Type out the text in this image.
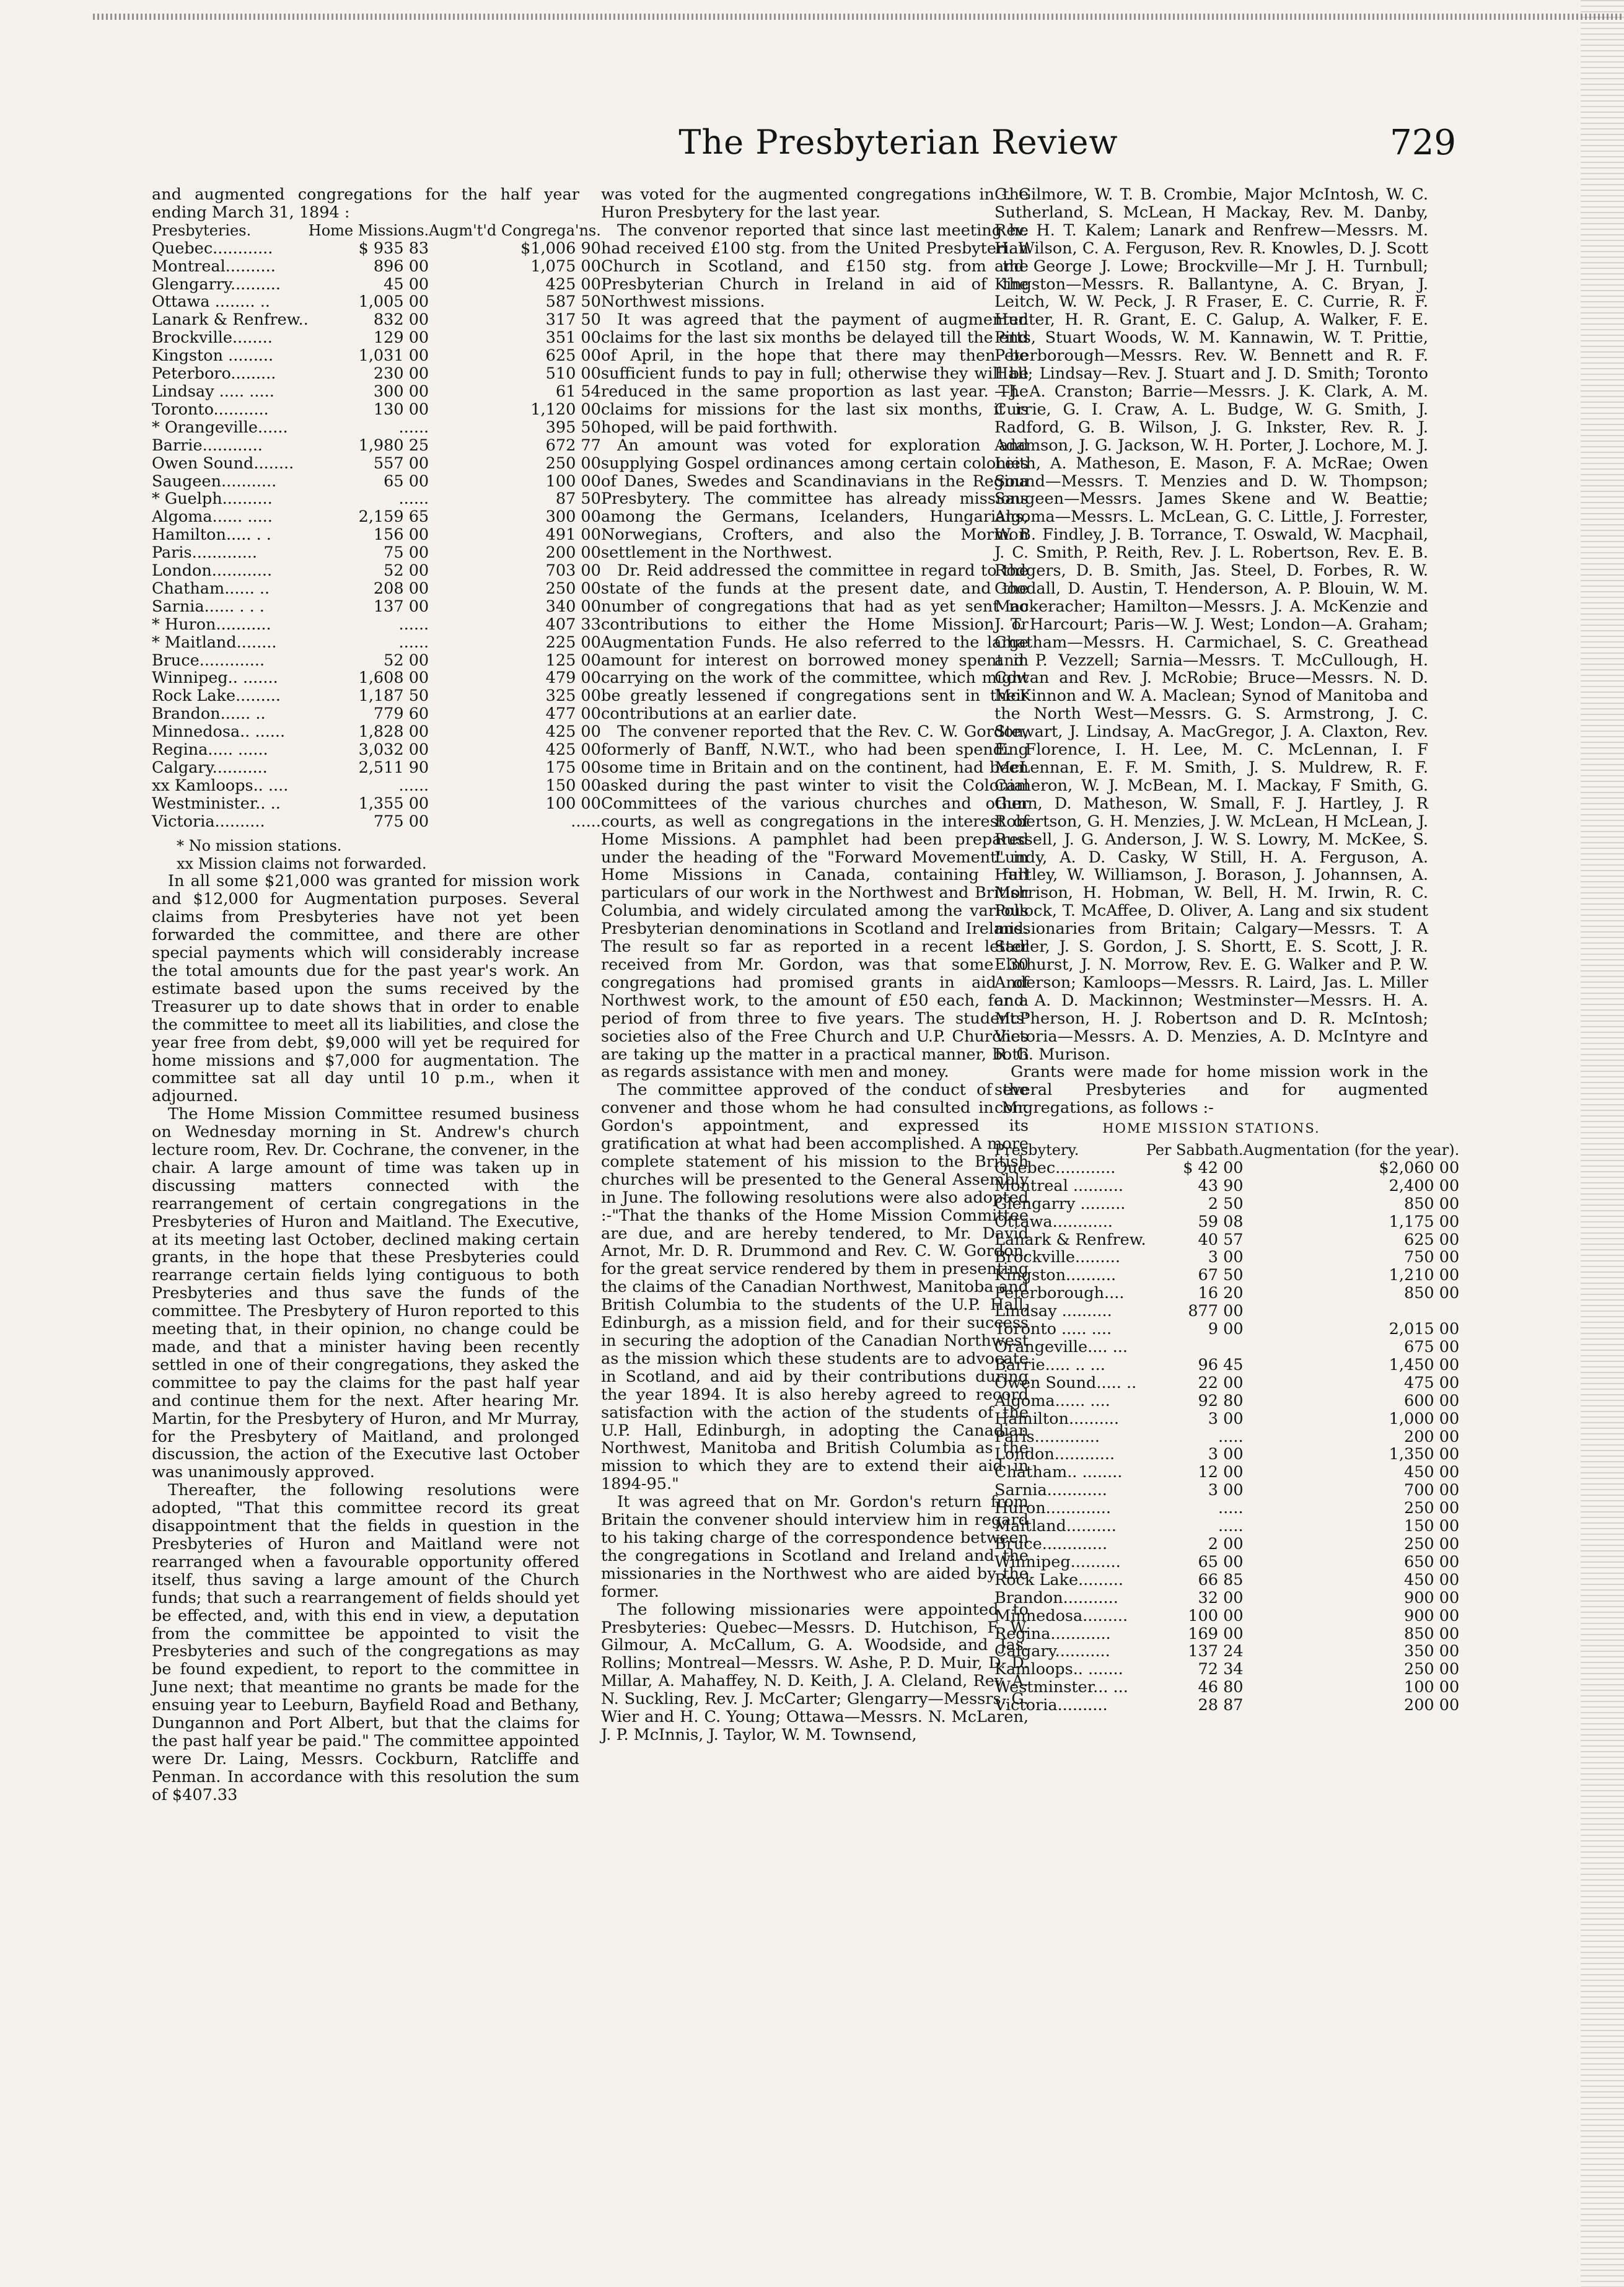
The Presbyterian Review	729

and augmented congregations for the half year ending March 31, 1894 :

Presbyteries.	Home Missions.	Augm't'd Congrega'ns.
Quebec............	$ 935 83	$1,006 90
Montreal..........	896 00	1,075 00
Glengarry..........	45 00	425 00
Ottawa ........ ..	1,005 00	587 50
Lanark & Renfrew..	832 00	317 50
Brockville........	129 00	351 00
Kingston .........	1,031 00	625 00
Peterboro.........	230 00	510 00
Lindsay ..... .....	300 00	61 54
Toronto...........	130 00	1,120 00
* Orangeville......	......	395 50
Barrie............	1,980 25	672 77
Owen Sound........	557 00	250 00
Saugeen...........	65 00	100 00
* Guelph..........	......	87 50
Algoma...... .....	2,159 65	300 00
Hamilton..... . .	156 00	491 00
Paris.............	75 00	200 00
London............	52 00	703 00
Chatham...... ..	208 00	250 00
Sarnia...... . . .	137 00	340 00
* Huron...........	......	407 33
* Maitland........	......	225 00
Bruce.............	52 00	125 00
Winnipeg.. .......	1,608 00	479 00
Rock Lake.........	1,187 50	325 00
Brandon...... ..	779 60	477 00
Minnedosa.. ......	1,828 00	425 00
Regina..... ......	3,032 00	425 00
Calgary...........	2,511 90	175 00
xx Kamloops.. ....	......	150 00
Westminister.. ..	1,355 00	100 00
Victoria..........	775 00	......

* No mission stations.

xx Mission claims not forwarded.

In all some $21,000 was granted for mission work and $12,000 for Augmentation purposes. Several claims from Presbyteries have not yet been forwarded the committee, and there are other special payments which will considerably increase the total amounts due for the past year's work. An estimate based upon the sums received by the Treasurer up to date shows that in order to enable the committee to meet all its liabilities, and close the year free from debt, $9,000 will yet be required for home missions and $7,000 for augmentation. The committee sat all day until 10 p.m., when it adjourned.

The Home Mission Committee resumed business on Wednesday morning in St. Andrew's church lecture room, Rev. Dr. Cochrane, the convener, in the chair. A large amount of time was taken up in discussing matters connected with the rearrangement of certain congregations in the Presbyteries of Huron and Maitland. The Executive, at its meeting last October, declined making certain grants, in the hope that these Presbyteries could rearrange certain fields lying contiguous to both Presbyteries and thus save the funds of the committee. The Presbytery of Huron reported to this meeting that, in their opinion, no change could be made, and that a minister having been recently settled in one of their congregations, they asked the committee to pay the claims for the past half year and continue them for the next. After hearing Mr. Martin, for the Presbytery of Huron, and Mr Murray, for the Presbytery of Maitland, and prolonged discussion, the action of the Executive last October was unanimously approved.

Thereafter, the following resolutions were adopted, "That this committee record its great disappointment that the fields in question in the Presbyteries of Huron and Maitland were not rearranged when a favourable opportunity offered itself, thus saving a large amount of the Church funds; that such a rearrangement of fields should yet be effected, and, with this end in view, a deputation from the committee be appointed to visit the Presbyteries and such of the congregations as may be found expedient, to report to the committee in June next; that meantime no grants be made for the ensuing year to Leeburn, Bayfield Road and Bethany, Dungannon and Port Albert, but that the claims for the past half year be paid." The committee appointed were Dr. Laing, Messrs. Cockburn, Ratcliffe and Penman. In accordance with this resolution the sum of $407.33

was voted for the augmented congregations in the Huron Presbytery for the last year.

The convenor reported that since last meeting he had received £100 stg. from the United Presbyterian Church in Scotland, and £150 stg. from the Presbyterian Church in Ireland in aid of the Northwest missions.

It was agreed that the payment of augmented claims for the last six months be delayed till the end of April, in the hope that there may then be sufficient funds to pay in full; otherwise they will be reduced in the same proportion as last year. The claims for missions for the last six months, it is hoped, will be paid forthwith.

An amount was voted for exploration and supplying Gospel ordinances among certain colonies of Danes, Swedes and Scandinavians in the Regina Presbytery. The committee has already missions among the Germans, Icelanders, Hungarians, Norwegians, Crofters, and also the Mormon settlement in the Northwest.

Dr. Reid addressed the committee in regard to the state of the funds at the present date, and the number of congregations that had as yet sent no contributions to either the Home Mission or Augmentation Funds. He also referred to the large amount for interest on borrowed money spent in carrying on the work of the committee, which might be greatly lessened if congregations sent in their contributions at an earlier date.

The convener reported that the Rev. C. W. Gordon, formerly of Banff, N.W.T., who had been spending some time in Britain and on the continent, had been asked during the past winter to visit the Colonial Committees of the various churches and other courts, as well as congregations in the interest of Home Missions. A pamphlet had been prepared under the heading of the "Forward Movement" in Home Missions in Canada, containing full particulars of our work in the Northwest and British Columbia, and widely circulated among the various Presbyterian denominations in Scotland and Ireland. The result so far as reported in a recent letter received from Mr. Gordon, was that some 30 congregations had promised grants in aid of Northwest work, to the amount of £50 each, for a period of from three to five years. The students' societies also of the Free Church and U.P. Churches are taking up the matter in a practical manner, both as regards assistance with men and money.

The committee approved of the conduct of the convener and those whom he had consulted in Mr. Gordon's appointment, and expressed its gratification at what had been accomplished. A more complete statement of his mission to the British churches will be presented to the General Assembly in June. The following resolutions were also adopted :-"That the thanks of the Home Mission Committee are due, and are hereby tendered, to Mr. David Arnot, Mr. D. R. Drummond and Rev. C. W. Gordon, for the great service rendered by them in presenting the claims of the Canadian Northwest, Manitoba and British Columbia to the students of the U.P. Hall, Edinburgh, as a mission field, and for their success in securing the adoption of the Canadian Northwest as the mission which these students are to advocate in Scotland, and aid by their contributions during the year 1894. It is also hereby agreed to record satisfaction with the action of the students of the U.P. Hall, Edinburgh, in adopting the Canadian Northwest, Manitoba and British Columbia as the mission to which they are to extend their aid in 1894-95."

It was agreed that on Mr. Gordon's return from Britain the convener should interview him in regard to his taking charge of the correspondence between the congregations in Scotland and Ireland and the missionaries in the Northwest who are aided by the former.

The following missionaries were appointed to Presbyteries: Quebec—Messrs. D. Hutchison, F. W. Gilmour, A. McCallum, G. A. Woodside, and Jas. Rollins; Montreal—Messrs. W. Ashe, P. D. Muir, D. D. Millar, A. Mahaffey, N. D. Keith, J. A. Cleland, Rev. A. N. Suckling, Rev. J. McCarter; Glengarry—Messrs. G. Wier and H. C. Young; Ottawa—Messrs. N. McLaren, J. P. McInnis, J. Taylor, W. M. Townsend,

G. Gilmore, W. T. B. Crombie, Major McIntosh, W. C. Sutherland, S. McLean, H Mackay, Rev. M. Danby, Rev. H. T. Kalem; Lanark and Renfrew—Messrs. M. H. Wilson, C. A. Ferguson, Rev. R. Knowles, D. J. Scott and George J. Lowe; Brockville—Mr J. H. Turnbull; Kingston—Messrs. R. Ballantyne, A. C. Bryan, J. Leitch, W. W. Peck, J. R Fraser, E. C. Currie, R. F. Hunter, H. R. Grant, E. C. Galup, A. Walker, F. E. Pitts, Stuart Woods, W. M. Kannawin, W. T. Prittie, Peterborough—Messrs. Rev. W. Bennett and R. F. Hall; Lindsay—Rev. J. Stuart and J. D. Smith; Toronto—J. A. Cranston; Barrie—Messrs. J. K. Clark, A. M. Currie, G. I. Craw, A. L. Budge, W. G. Smith, J. Radford, G. B. Wilson, J. G. Inkster, Rev. R. J. Adamson, J. G. Jackson, W. H. Porter, J. Lochore, M. J. Leith, A. Matheson, E. Mason, F. A. McRae; Owen Sound—Messrs. T. Menzies and D. W. Thompson; Saugeen—Messrs. James Skene and W. Beattie; Algoma—Messrs. L. McLean, G. C. Little, J. Forrester, W. B. Findley, J. B. Torrance, T. Oswald, W. Macphail, J. C. Smith, P. Reith, Rev. J. L. Robertson, Rev. E. B. Rodgers, D. B. Smith, Jas. Steel, D. Forbes, R. W. Goodall, D. Austin, T. Henderson, A. P. Blouin, W. M. Mackeracher; Hamilton—Messrs. J. A. McKenzie and J. T. Harcourt; Paris—W. J. West; London—A. Graham; Chatham—Messrs. H. Carmichael, S. C. Greathead and P. Vezzell; Sarnia—Messrs. T. McCullough, H. Cowan and Rev. J. McRobie; Bruce—Messrs. N. D. McKinnon and W. A. Maclean; Synod of Manitoba and the North West—Messrs. G. S. Armstrong, J. C. Stewart, J. Lindsay, A. MacGregor, J. A. Claxton, Rev. E. Florence, I. H. Lee, M. C. McLennan, I. F McLennan, E. F. M. Smith, J. S. Muldrew, R. F. Cameron, W. J. McBean, M. I. Mackay, F Smith, G. Gunn, D. Matheson, W. Small, F. J. Hartley, J. R Robertson, G. H. Menzies, J. W. McLean, H McLean, J. Russell, J. G. Anderson, J. W. S. Lowry, M. McKee, S. Lundy, A. D. Casky, W Still, H. A. Ferguson, A. Hartley, W. Williamson, J. Borason, J. Johannsen, A. Morrison, H. Hobman, W. Bell, H. M. Irwin, R. C. Pollock, T. McAffee, D. Oliver, A. Lang and six student missionaries from Britain; Calgary—Messrs. T. A Sadler, J. S. Gordon, J. S. Shortt, E. S. Scott, J. R. Elmhurst, J. N. Morrow, Rev. E. G. Walker and P. W. Anderson; Kamloops—Messrs. R. Laird, Jas. L. Miller and A. D. Mackinnon; Westminster—Messrs. H. A. McPherson, H. J. Robertson and D. R. McIntosh; Victoria—Messrs. A. D. Menzies, A. D. McIntyre and R. G. Murison.

Grants were made for home mission work in the several Presbyteries and for augmented congregations, as follows :-

HOME MISSION STATIONS.
Presbytery.	Per Sabbath.	Augmentation (for the year).
Quebec............	$ 42 00	$2,060 00
Montreal ..........	43 90	2,400 00
Glengarry .........	2 50	850 00
Ottawa............	59 08	1,175 00
Lanark & Renfrew.	40 57	625 00
Brockville.........	3 00	750 00
Kingston..........	67 50	1,210 00
Peterborough....	16 20	850 00
Lindsay ..........	877 00	
Toronto ..... ....	9 00	2,015 00
Orangeville.... ...		675 00
Barrie..... .. ...	96 45	1,450 00
Owen Sound..... ..	22 00	475 00
Algoma...... ....	92 80	600 00
Hamilton..........	3 00	1,000 00
Paris.............	.....	200 00
London............	3 00	1,350 00
Chatham.. ........	12 00	450 00
Sarnia............	3 00	700 00
Huron.............	.....	250 00
Maitland..........	.....	150 00
Bruce.............	2 00	250 00
Winnipeg..........	65 00	650 00
Rock Lake.........	66 85	450 00
Brandon...........	32 00	900 00
Minnedosa.........	100 00	900 00
Regina............	169 00	850 00
Calgary...........	137 24	350 00
Kamloops.. .......	72 34	250 00
Westminster... ...	46 80	100 00
Victoria..........	28 87	200 00
